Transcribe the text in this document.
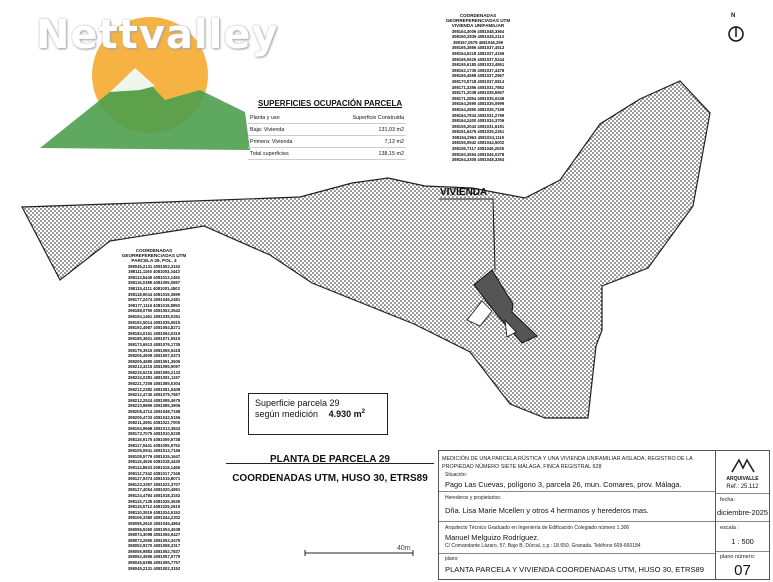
Nettvalley	N
COORDENADAS
GEORREFERENCIADAS UTM
VIVIENDA UNIFAMILIAR
398164,3006 4081048,3364
398160,2939 4081045,2113
398157,0579 4081046,299
398165,3856 4081037,4513
398164,6218 4081037,4156
398165,0626 4081037,5244
398165,6180 4081033,4951
398162,1735 4081037,4478
398165,4599 4081037,2967
398170,5718 4081037,0814
398171,3356 4081031,7862
398171,2038 4081035,5567
398171,2854 4081035,0248
398164,2690 4081035,0999
398164,2850 4081035,7159
398164,7834 4081031,2799
398164,2400 4081034,3706
398155,2043 4081031,6191
398151,6476 4081035,2261
398154,2963 4081034,1119
398155,0942 4081044,5002
398155,7117 4081046,2025
398160,3694 4081046,0378
398164,3305 4081048,3364
COORDENADAS
GEORREFERENCIADAS UTM
PARCELA 29, POL. 3
398045,2131 4081002,3152
398111,1160 4081003,3443
398113,5449 4081013,1492
398116,0389 4081005,0697
398115,4111 4081001,4503
398118,9044 4081019,3699
398177,2474 4081046,2481
398177,1116 4081019,8950
398188,0750 4081053,3542
398194,1461 4081035,0251
398192,5014 4081035,0615
398192,4987 4081054,8271
398184,0161 4081064,0319
398185,3601 4081071,5515
398173,6513 4081076,1735
398175,3515 4081065,5418
398205,4909 4081057,0473
398205,4680 4081061,3605
398213,3215 4081095,9097
398215,5215 4081095,2133
398224,0281 4081081,1197
398221,7206 4081085,0304
398212,2382 4081081,5408
398212,4740 4081079,7657
398212,2524 4081085,4675
398210,9895 4081085,3906
398208,4714 4081048,7198
398205,4733 4081042,5156
398211,3591 4081022,7005
398194,9668 4081013,3843
398173,7075 4081010,5239
398116,9175 4081009,5738
398117,9441 4081005,9752
398105,0941 4081013,7166
398108,5779 4081015,1647
398115,4526 4081018,4430
398114,8633 4081018,1466
398112,7342 4081017,7346
398127,9374 4081015,8071
398123,3357 4081022,3707
398127,4054 4081020,4991
398124,4784 4081018,3152
398115,7135 4081029,3636
398115,5712 4081029,2619
398110,3519 4081024,5153
398106,3380 4081044,2302
398095,2610 4081045,4864
398096,5260 4081053,4538
398074,3098 4081055,9427
398073,2690 4081053,3475
398052,9270 4081058,3317
398055,9883 4081052,7837
398052,4595 4081057,0779
398045,6385 4081055,7757
398045,2131 4081002,3152
SUPERFICIES OCUPACIÓN PARCELA
Planta y uso	Superficie Construida
Baja: Vivienda	131,03 m2
Primera: Vivienda	7,12 m2
Total superficies	138,15 m2
VIVIENDA
Superficie parcela 29
según medición 4.930 $m^2$
PLANTA DE PARCELA 29
COORDENADAS UTM, HUSO 30, ETRS89
40m
MEDICIÓN DE UNA PARCELA RÚSTICA Y UNA VIVIENDA UNIFAMILIAR AISLADA, REGISTRO DE LA PROPIEDAD NÚMERO SIETE MÁLAGA, FINCA REGISTRAL 628
Situación:
Pago Las Cuevas, polígono 3, parcela 26, mun. Comares, prov. Málaga.
Herederos y propietarios:
Dña. Lisa Marie Mcellen y otros 4 hermanos y herederos mas.
Arquitecto Técnico Graduado en Ingeniería de Edificación Colegiado número 1.306
Manuel Melguizo Rodríguez.
C/ Comandante Lázaro, 57, Bajo B, Dúrcal, c.p.: 18.650, Granada. Teléfono 609-660184
plano:
PLANTA PARCELA Y VIVIENDA COORDENADAS UTM, HUSO 30, ETRS89
ARQUIVALLE
Ref.: 25.112
fecha:
diciembre-2025
escala :
1 : 500
plano número:
07
